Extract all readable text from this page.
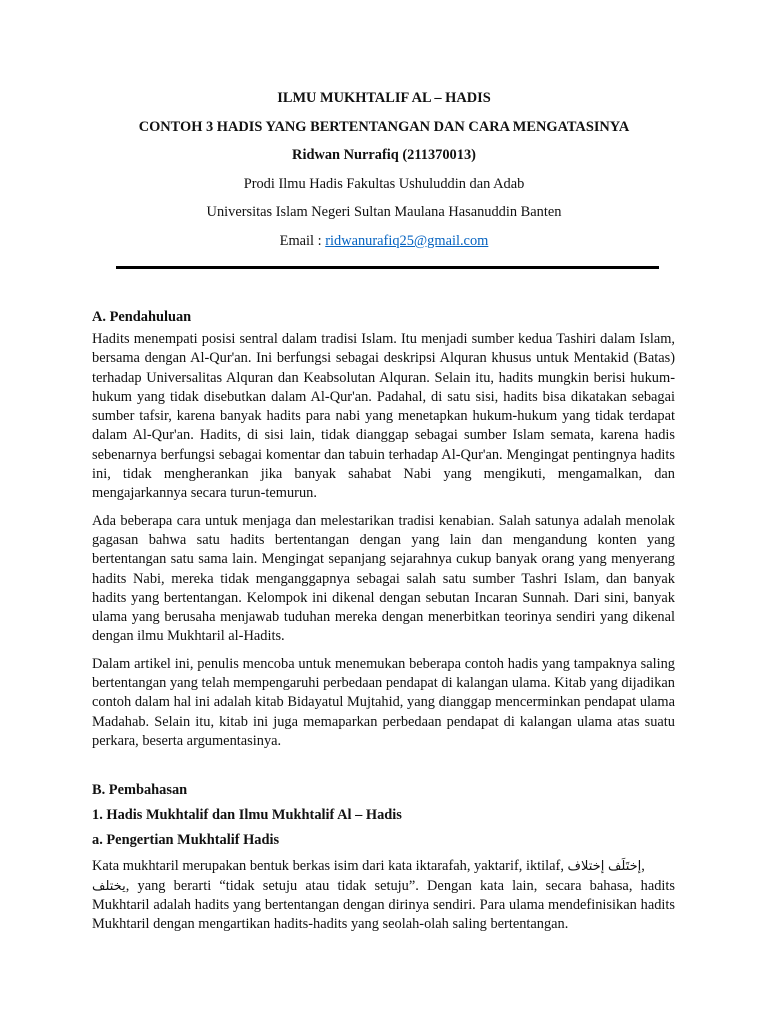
ILMU MUKHTALIF AL – HADIS
CONTOH 3 HADIS YANG BERTENTANGAN DAN CARA MENGATASINYA
Ridwan Nurrafiq (211370013)
Prodi Ilmu Hadis Fakultas Ushuluddin dan Adab
Universitas Islam Negeri Sultan Maulana Hasanuddin Banten
Email : ridwanurafiq25@gmail.com

A. Pendahuluan

Hadits menempati posisi sentral dalam tradisi Islam. Itu menjadi sumber kedua Tashiri dalam Islam, bersama dengan Al-Qur'an. Ini berfungsi sebagai deskripsi Alquran khusus untuk Mentakid (Batas) terhadap Universalitas Alquran dan Keabsolutan Alquran. Selain itu, hadits mungkin berisi hukum-hukum yang tidak disebutkan dalam Al-Qur'an. Padahal, di satu sisi, hadits bisa dikatakan sebagai sumber tafsir, karena banyak hadits para nabi yang menetapkan hukum-hukum yang tidak terdapat dalam Al-Qur'an. Hadits, di sisi lain, tidak dianggap sebagai sumber Islam semata, karena hadis sebenarnya berfungsi sebagai komentar dan tabuin terhadap Al-Qur'an. Mengingat pentingnya hadits ini, tidak mengherankan jika banyak sahabat Nabi yang mengikuti, mengamalkan, dan mengajarkannya secara turun-temurun.

Ada beberapa cara untuk menjaga dan melestarikan tradisi kenabian. Salah satunya adalah menolak gagasan bahwa satu hadits bertentangan dengan yang lain dan mengandung konten yang bertentangan satu sama lain. Mengingat sepanjang sejarahnya cukup banyak orang yang menyerang hadits Nabi, mereka tidak menganggapnya sebagai salah satu sumber Tashri Islam, dan banyak hadits yang bertentangan. Kelompok ini dikenal dengan sebutan Incaran Sunnah. Dari sini, banyak ulama yang berusaha menjawab tuduhan mereka dengan menerbitkan teorinya sendiri yang dikenal dengan ilmu Mukhtaril al-Hadits.

Dalam artikel ini, penulis mencoba untuk menemukan beberapa contoh hadis yang tampaknya saling bertentangan yang telah mempengaruhi perbedaan pendapat di kalangan ulama. Kitab yang dijadikan contoh dalam hal ini adalah kitab Bidayatul Mujtahid, yang dianggap mencerminkan pendapat ulama Madahab. Selain itu, kitab ini juga memaparkan perbedaan pendapat di kalangan ulama atas suatu perkara, beserta argumentasinya.

B. Pembahasan

1. Hadis Mukhtalif dan Ilmu Mukhtalif Al – Hadis

a. Pengertian Mukhtalif Hadis

Kata mukhtaril merupakan bentuk berkas isim dari kata iktarafah, yaktarif, iktilaf, إختلاف إختَلَف,
يختلف, yang berarti “tidak setuju atau tidak setuju”. Dengan kata lain, secara bahasa, hadits Mukhtaril adalah hadits yang bertentangan dengan dirinya sendiri. Para ulama mendefinisikan hadits Mukhtaril dengan mengartikan hadits-hadits yang seolah-olah saling bertentangan.
